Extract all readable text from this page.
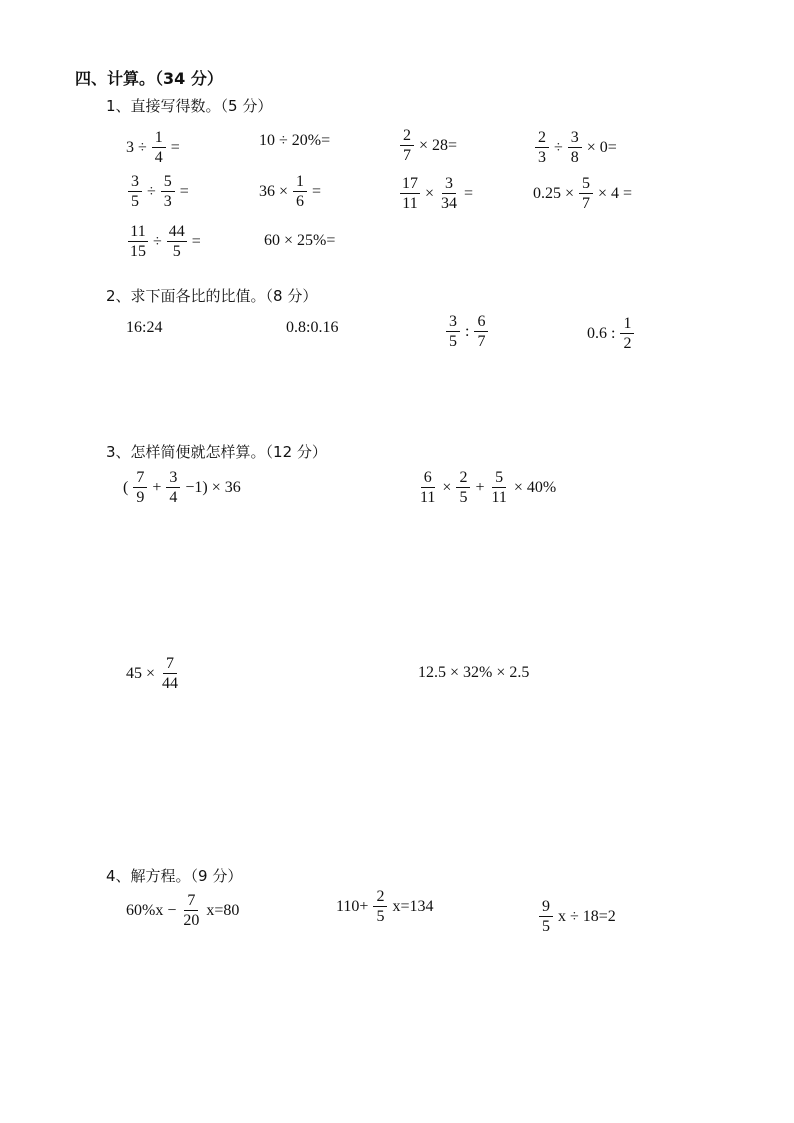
四、计算。（34 分）
1、直接写得数。（5 分）
$3 \div \frac{1}{4}$ =	10 ÷ 20%=	$\frac{2}{7} \times 28=$	$\frac{2}{3} \div \frac{3}{8} \times 0=$
$\frac{3}{5} \div \frac{5}{3}$ =	$36 \times \frac{1}{6}$ =	$\frac{17}{11} \times \frac{3}{34}$ =	$0.25 \times \frac{5}{7} \times 4$ =
$\frac{11}{15} \div \frac{44}{5}$ =	60 × 25%=
2、求下面各比的比值。（8 分）
16:24	0.8:0.16	$\frac{3}{5}$ : $\frac{6}{7}$	0.6 : $\frac{1}{2}$
3、怎样简便就怎样算。（12 分）
( $\frac{7}{9} + \frac{3}{4} -1) \times 36$	$\frac{6}{11} \times \frac{2}{5} + \frac{5}{11} \times 40\%$
$45 \times \frac{7}{44}$	12.5 × 32% × 2.5
4、解方程。（9 分）
$60\%x - \frac{7}{20} x=80$	$110+ \frac{2}{5} x=134$	$\frac{9}{5}$ x ÷ 18=2
